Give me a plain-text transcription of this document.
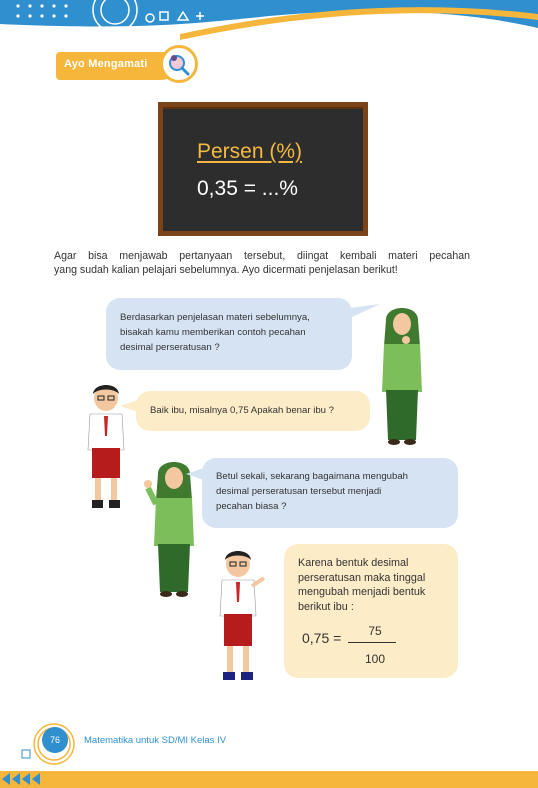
Ayo Mengamati
Persen (%)
0,35 = ...%
Agar bisa menjawab pertanyaan tersebut, diingat kembali materi pecahan
yang sudah kalian pelajari sebelumnya. Ayo dicermati penjelasan berikut!
Berdasarkan penjelasan materi sebelumnya,
bisakah kamu memberikan contoh pecahan
desimal perseratusan ?
Baik ibu, misalnya 0,75 Apakah benar ibu ?
Betul sekali, sekarang bagaimana mengubah
desimal perseratusan tersebut menjadi
pecahan biasa ?
Karena bentuk desimal
perseratusan maka tinggal
mengubah menjadi bentuk
berikut ibu :
0,75 =	75
100
76	Matematika untuk SD/MI Kelas IV
